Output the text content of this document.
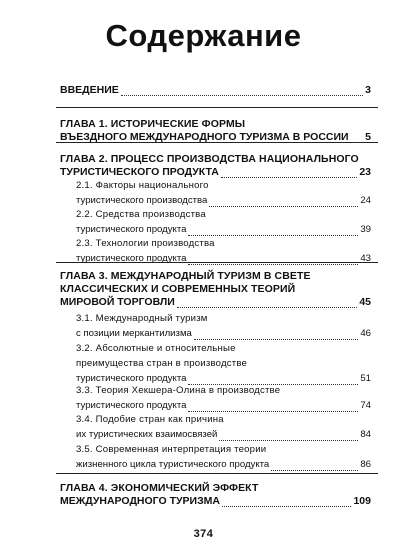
Содержание
ВВЕДЕНИЕ	3
ГЛАВА 1. ИСТОРИЧЕСКИЕ ФОРМЫ
ВЪЕЗДНОГО МЕЖДУНАРОДНОГО ТУРИЗМА В РОССИИ 5
ГЛАВА 2. ПРОЦЕСС ПРОИЗВОДСТВА НАЦИОНАЛЬНОГО
ТУРИСТИЧЕСКОГО ПРОДУКТА	23
2.1. Факторы национального
туристического производства	24
2.2. Средства производства
туристического продукта	39
2.3. Технологии производства
туристического продукта	43
ГЛАВА 3. МЕЖДУНАРОДНЫЙ ТУРИЗМ В СВЕТЕ
КЛАССИЧЕСКИХ И СОВРЕМЕННЫХ ТЕОРИЙ
МИРОВОЙ ТОРГОВЛИ	45
3.1. Международный туризм
с позиции меркантилизма	46
3.2. Абсолютные и относительные
преимущества стран в производстве
туристического продукта	51
3.3. Теория Хекшера-Олина в производстве
туристического продукта	74
3.4. Подобие стран как причина
их туристических взаимосвязей	84
3.5. Современная интерпретация теории
жизненного цикла туристического продукта	86
ГЛАВА 4. ЭКОНОМИЧЕСКИЙ ЭФФЕКТ
МЕЖДУНАРОДНОГО ТУРИЗМА	109
374
